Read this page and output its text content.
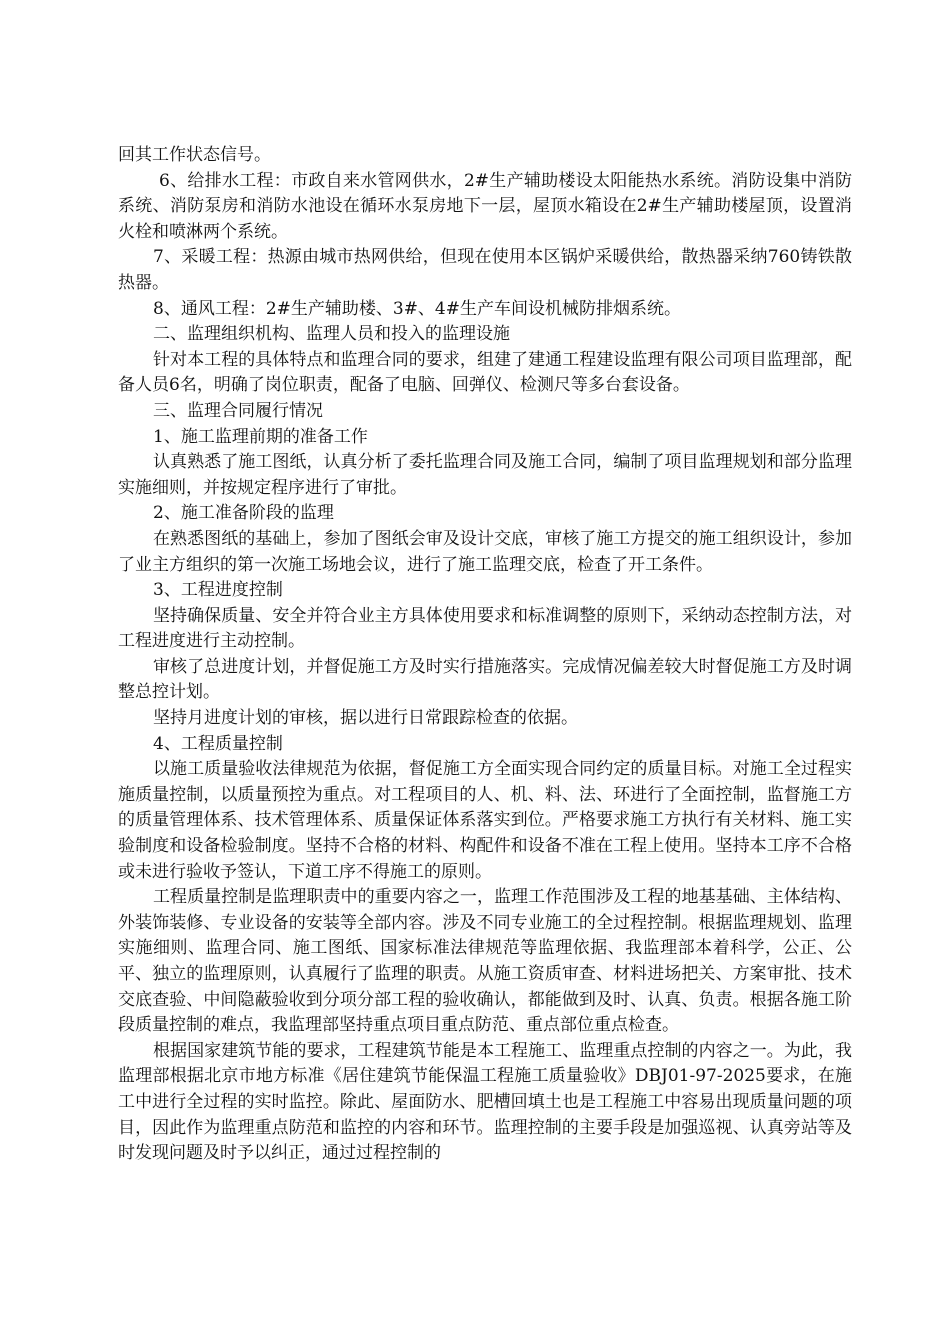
回其工作状态信号。

6、给排水工程：市政自来水管网供水，2#生产辅助楼设太阳能热水系统。消防设集中消防系统、消防泵房和消防水池设在循环水泵房地下一层，屋顶水箱设在2#生产辅助楼屋顶，设置消火栓和喷淋两个系统。

7、采暖工程：热源由城市热网供给，但现在使用本区锅炉采暖供给，散热器采纳760铸铁散热器。

8、通风工程：2#生产辅助楼、3#、4#生产车间设机械防排烟系统。

二、监理组织机构、监理人员和投入的监理设施

针对本工程的具体特点和监理合同的要求，组建了建通工程建设监理有限公司项目监理部，配备人员6名，明确了岗位职责，配备了电脑、回弹仪、检测尺等多台套设备。

三、监理合同履行情况

1、施工监理前期的准备工作

认真熟悉了施工图纸，认真分析了委托监理合同及施工合同，编制了项目监理规划和部分监理实施细则，并按规定程序进行了审批。

2、施工准备阶段的监理

在熟悉图纸的基础上，参加了图纸会审及设计交底，审核了施工方提交的施工组织设计，参加了业主方组织的第一次施工场地会议，进行了施工监理交底，检查了开工条件。

3、工程进度控制

坚持确保质量、安全并符合业主方具体使用要求和标准调整的原则下，采纳动态控制方法，对工程进度进行主动控制。

审核了总进度计划，并督促施工方及时实行措施落实。完成情况偏差较大时督促施工方及时调整总控计划。

坚持月进度计划的审核，据以进行日常跟踪检查的依据。

4、工程质量控制

以施工质量验收法律规范为依据，督促施工方全面实现合同约定的质量目标。对施工全过程实施质量控制，以质量预控为重点。对工程项目的人、机、料、法、环进行了全面控制，监督施工方的质量管理体系、技术管理体系、质量保证体系落实到位。严格要求施工方执行有关材料、施工实验制度和设备检验制度。坚持不合格的材料、构配件和设备不准在工程上使用。坚持本工序不合格或未进行验收予签认，下道工序不得施工的原则。

工程质量控制是监理职责中的重要内容之一，监理工作范围涉及工程的地基基础、主体结构、外装饰装修、专业设备的安装等全部内容。涉及不同专业施工的全过程控制。根据监理规划、监理实施细则、监理合同、施工图纸、国家标准法律规范等监理依据、我监理部本着科学，公正、公平、独立的监理原则，认真履行了监理的职责。从施工资质审查、材料进场把关、方案审批、技术交底查验、中间隐蔽验收到分项分部工程的验收确认，都能做到及时、认真、负责。根据各施工阶段质量控制的难点，我监理部坚持重点项目重点防范、重点部位重点检查。

根据国家建筑节能的要求，工程建筑节能是本工程施工、监理重点控制的内容之一。为此，我监理部根据北京市地方标准《居住建筑节能保温工程施工质量验收》DBJ01-97-2025要求，在施工中进行全过程的实时监控。除此、屋面防水、肥槽回填土也是工程施工中容易出现质量问题的项目，因此作为监理重点防范和监控的内容和环节。监理控制的主要手段是加强巡视、认真旁站等及时发现问题及时予以纠正，通过过程控制的
